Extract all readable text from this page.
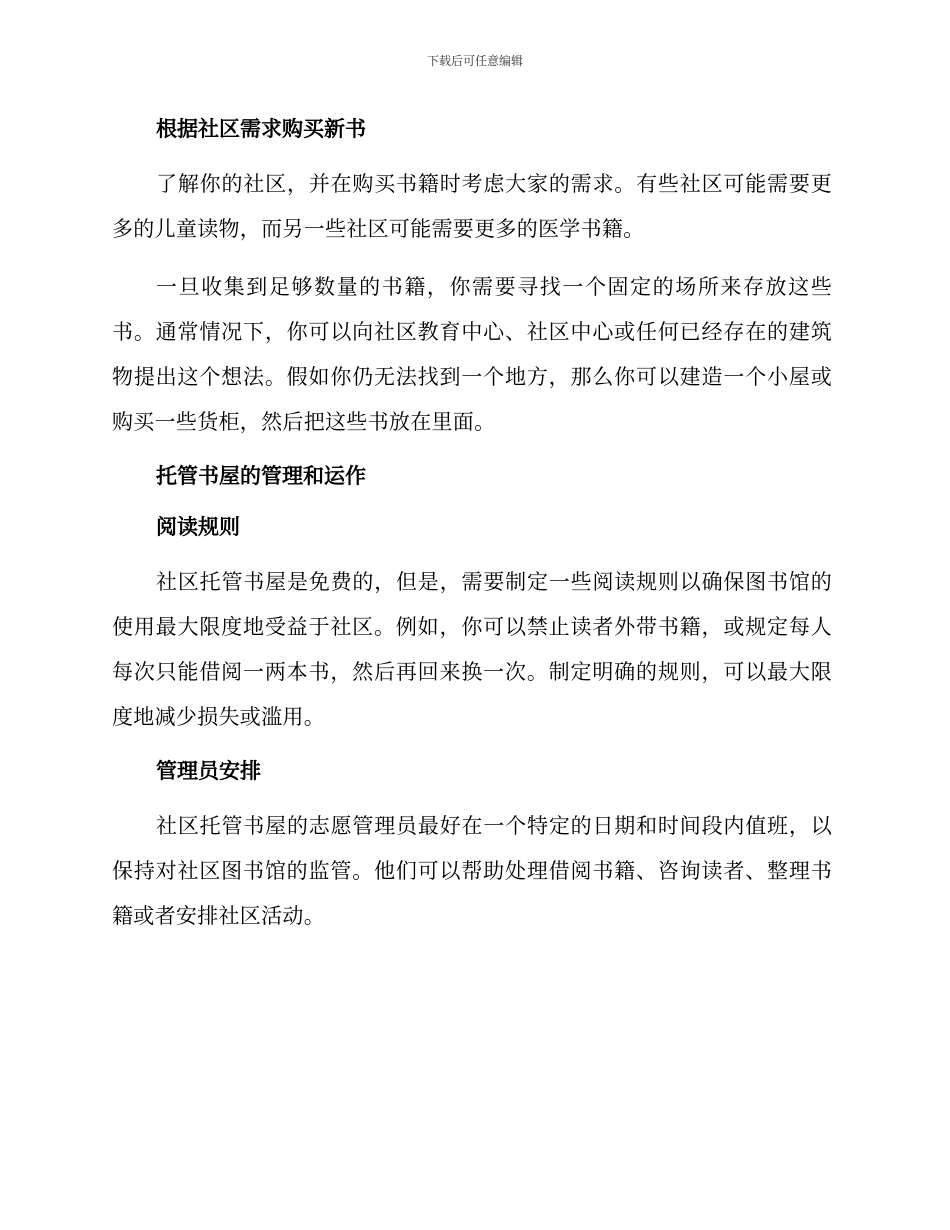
下载后可任意编辑
根据社区需求购买新书

了解你的社区，并在购买书籍时考虑大家的需求。有些社区可能需要更多的儿童读物，而另一些社区可能需要更多的医学书籍。

一旦收集到足够数量的书籍，你需要寻找一个固定的场所来存放这些书。通常情况下，你可以向社区教育中心、社区中心或任何已经存在的建筑物提出这个想法。假如你仍无法找到一个地方，那么你可以建造一个小屋或购买一些货柜，然后把这些书放在里面。

托管书屋的管理和运作
阅读规则

社区托管书屋是免费的，但是，需要制定一些阅读规则以确保图书馆的使用最大限度地受益于社区。例如，你可以禁止读者外带书籍，或规定每人每次只能借阅一两本书，然后再回来换一次。制定明确的规则，可以最大限度地减少损失或滥用。

管理员安排

社区托管书屋的志愿管理员最好在一个特定的日期和时间段内值班，以保持对社区图书馆的监管。他们可以帮助处理借阅书籍、咨询读者、整理书籍或者安排社区活动。
